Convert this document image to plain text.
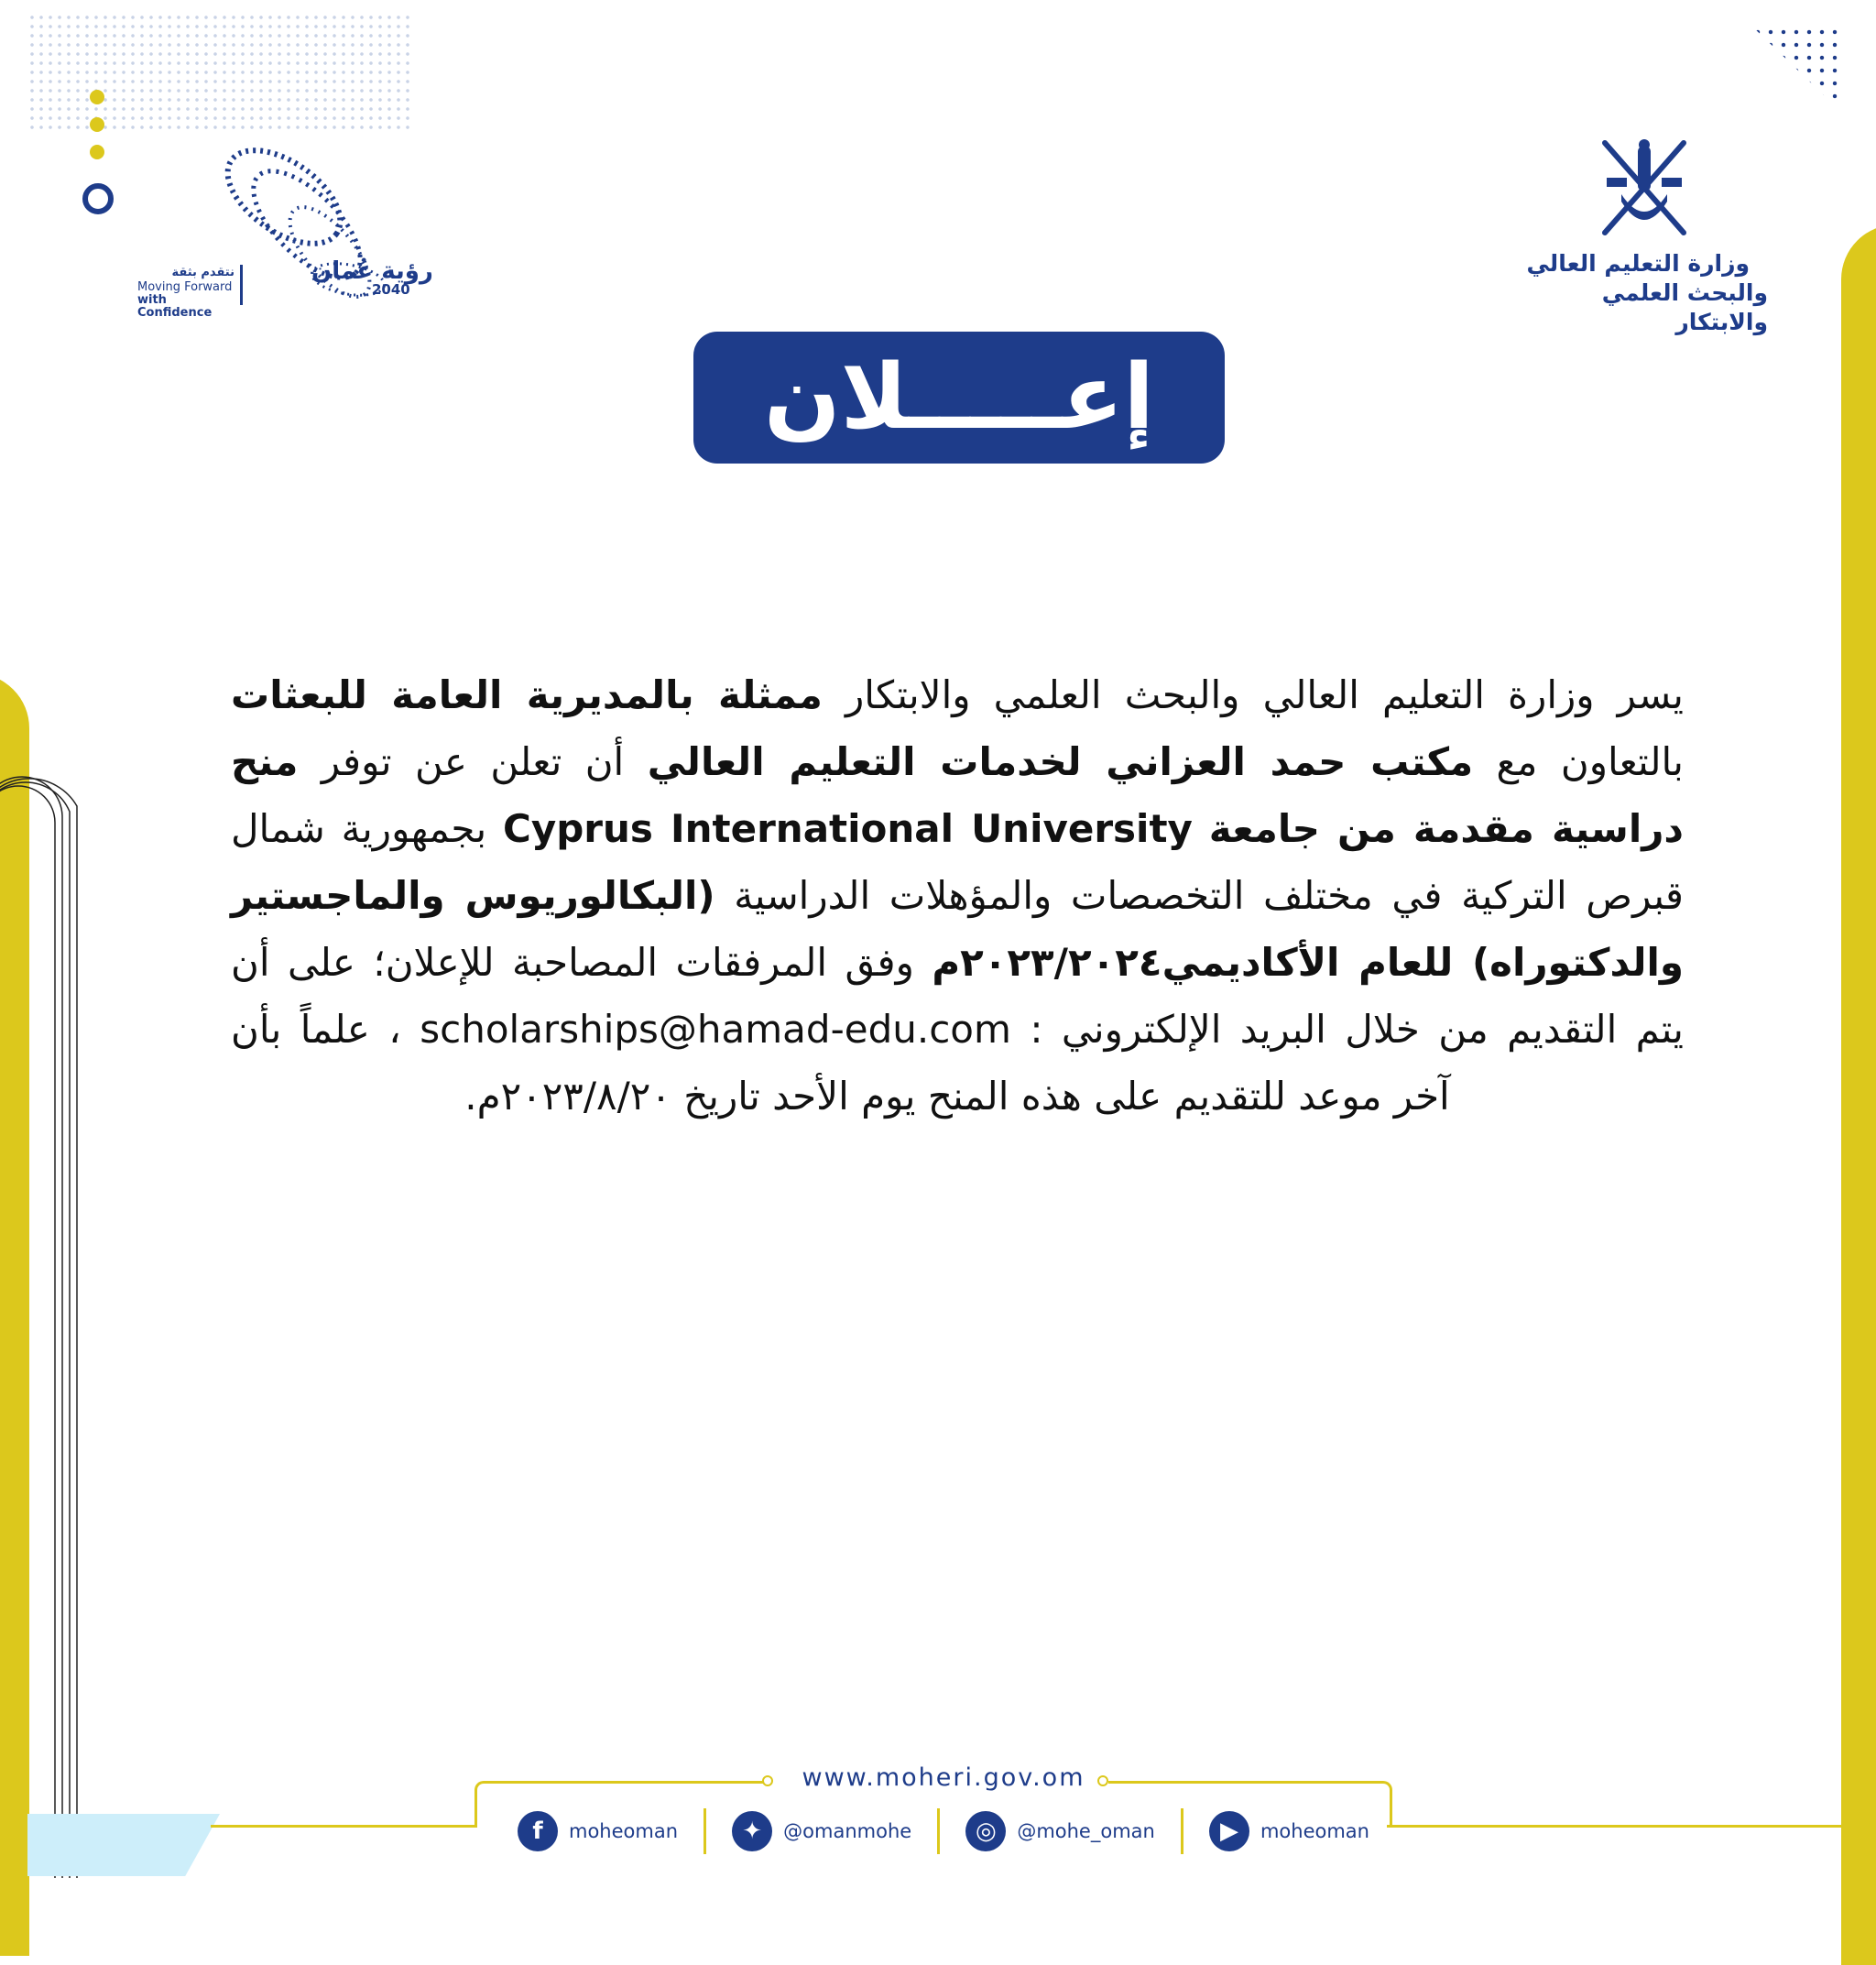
رؤية عُمان
2040
نتقدم بثقة
Moving Forward
with Confidence
وزارة التعليم العالي
والبحث العلمي والابتكار
إعـــــلان
يسر وزارة التعليم العالي والبحث العلمي والابتكار ممثلة بالمديرية العامة للبعثات بالتعاون مع مكتب حمد العزاني لخدمات التعليم العالي أن تعلن عن توفر منح دراسية مقدمة من جامعة Cyprus International University بجمهورية شمال قبرص التركية في مختلف التخصصات والمؤهلات الدراسية (البكالوريوس والماجستير والدكتوراه) للعام الأكاديمي٢٠٢٣/٢٠٢٤م وفق المرفقات المصاحبة للإعلان؛ على أن يتم التقديم من خلال البريد الإلكتروني : scholarships@hamad-edu.com ، علماً بأن آخر موعد للتقديم على هذه المنح يوم الأحد تاريخ ٢٠٢٣/٨/٢٠م.
www.moheri.gov.om
f	moheoman	✦	@omanmohe	◎	@mohe_oman	▶	moheoman
